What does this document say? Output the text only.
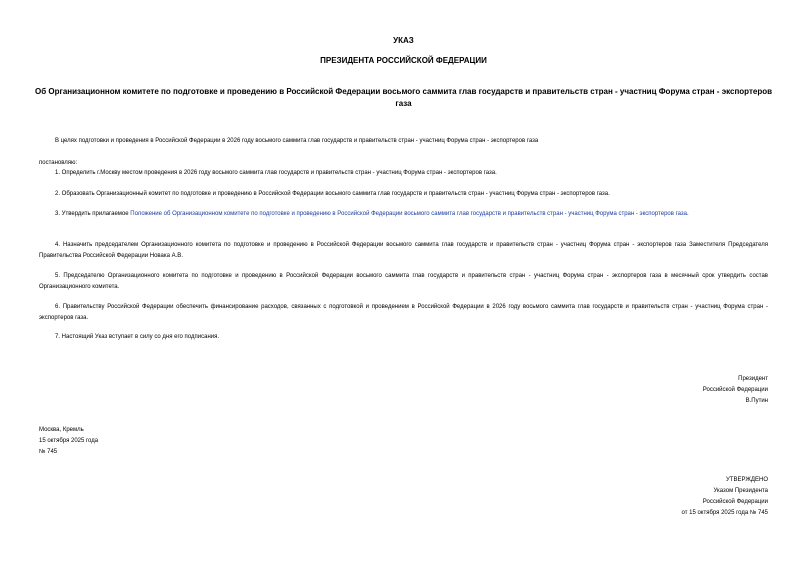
УКАЗ
ПРЕЗИДЕНТА РОССИЙСКОЙ ФЕДЕРАЦИИ
Об Организационном комитете по подготовке и проведению в Российской Федерации восьмого саммита глав государств и правительств стран - участниц Форума стран - экспортеров газа
В целях подготовки и проведения в Российской Федерации в 2026 году восьмого саммита глав государств и правительств стран - участниц Форума стран - экспортеров газа
постановляю:
1. Определить г.Москву местом проведения в 2026 году восьмого саммита глав государств и правительств стран - участниц Форума стран - экспортеров газа.
2. Образовать Организационный комитет по подготовке и проведению в Российской Федерации восьмого саммита глав государств и правительств стран - участниц Форума стран - экспортеров газа.
3. Утвердить прилагаемое Положение об Организационном комитете по подготовке и проведению в Российской Федерации восьмого саммита глав государств и правительств стран - участниц Форума стран - экспортеров газа.
4. Назначить председателем Организационного комитета по подготовке и проведению в Российской Федерации восьмого саммита глав государств и правительств стран - участниц Форума стран - экспортеров газа Заместителя Председателя Правительства Российской Федерации Новака А.В.
5. Председателю Организационного комитета по подготовке и проведению в Российской Федерации восьмого саммита глав государств и правительств стран - участниц Форума стран - экспортеров газа в месячный срок утвердить состав Организационного комитета.
6. Правительству Российской Федерации обеспечить финансирование расходов, связанных с подготовкой и проведением в Российской Федерации в 2026 году восьмого саммита глав государств и правительств стран - участниц Форума стран - экспортеров газа.
7. Настоящий Указ вступает в силу со дня его подписания.
Президент
Российской Федерации
В.Путин
Москва, Кремль
15 октября 2025 года
№ 745
УТВЕРЖДЕНО
Указом Президента
Российской Федерации
от 15 октября 2025 года № 745
